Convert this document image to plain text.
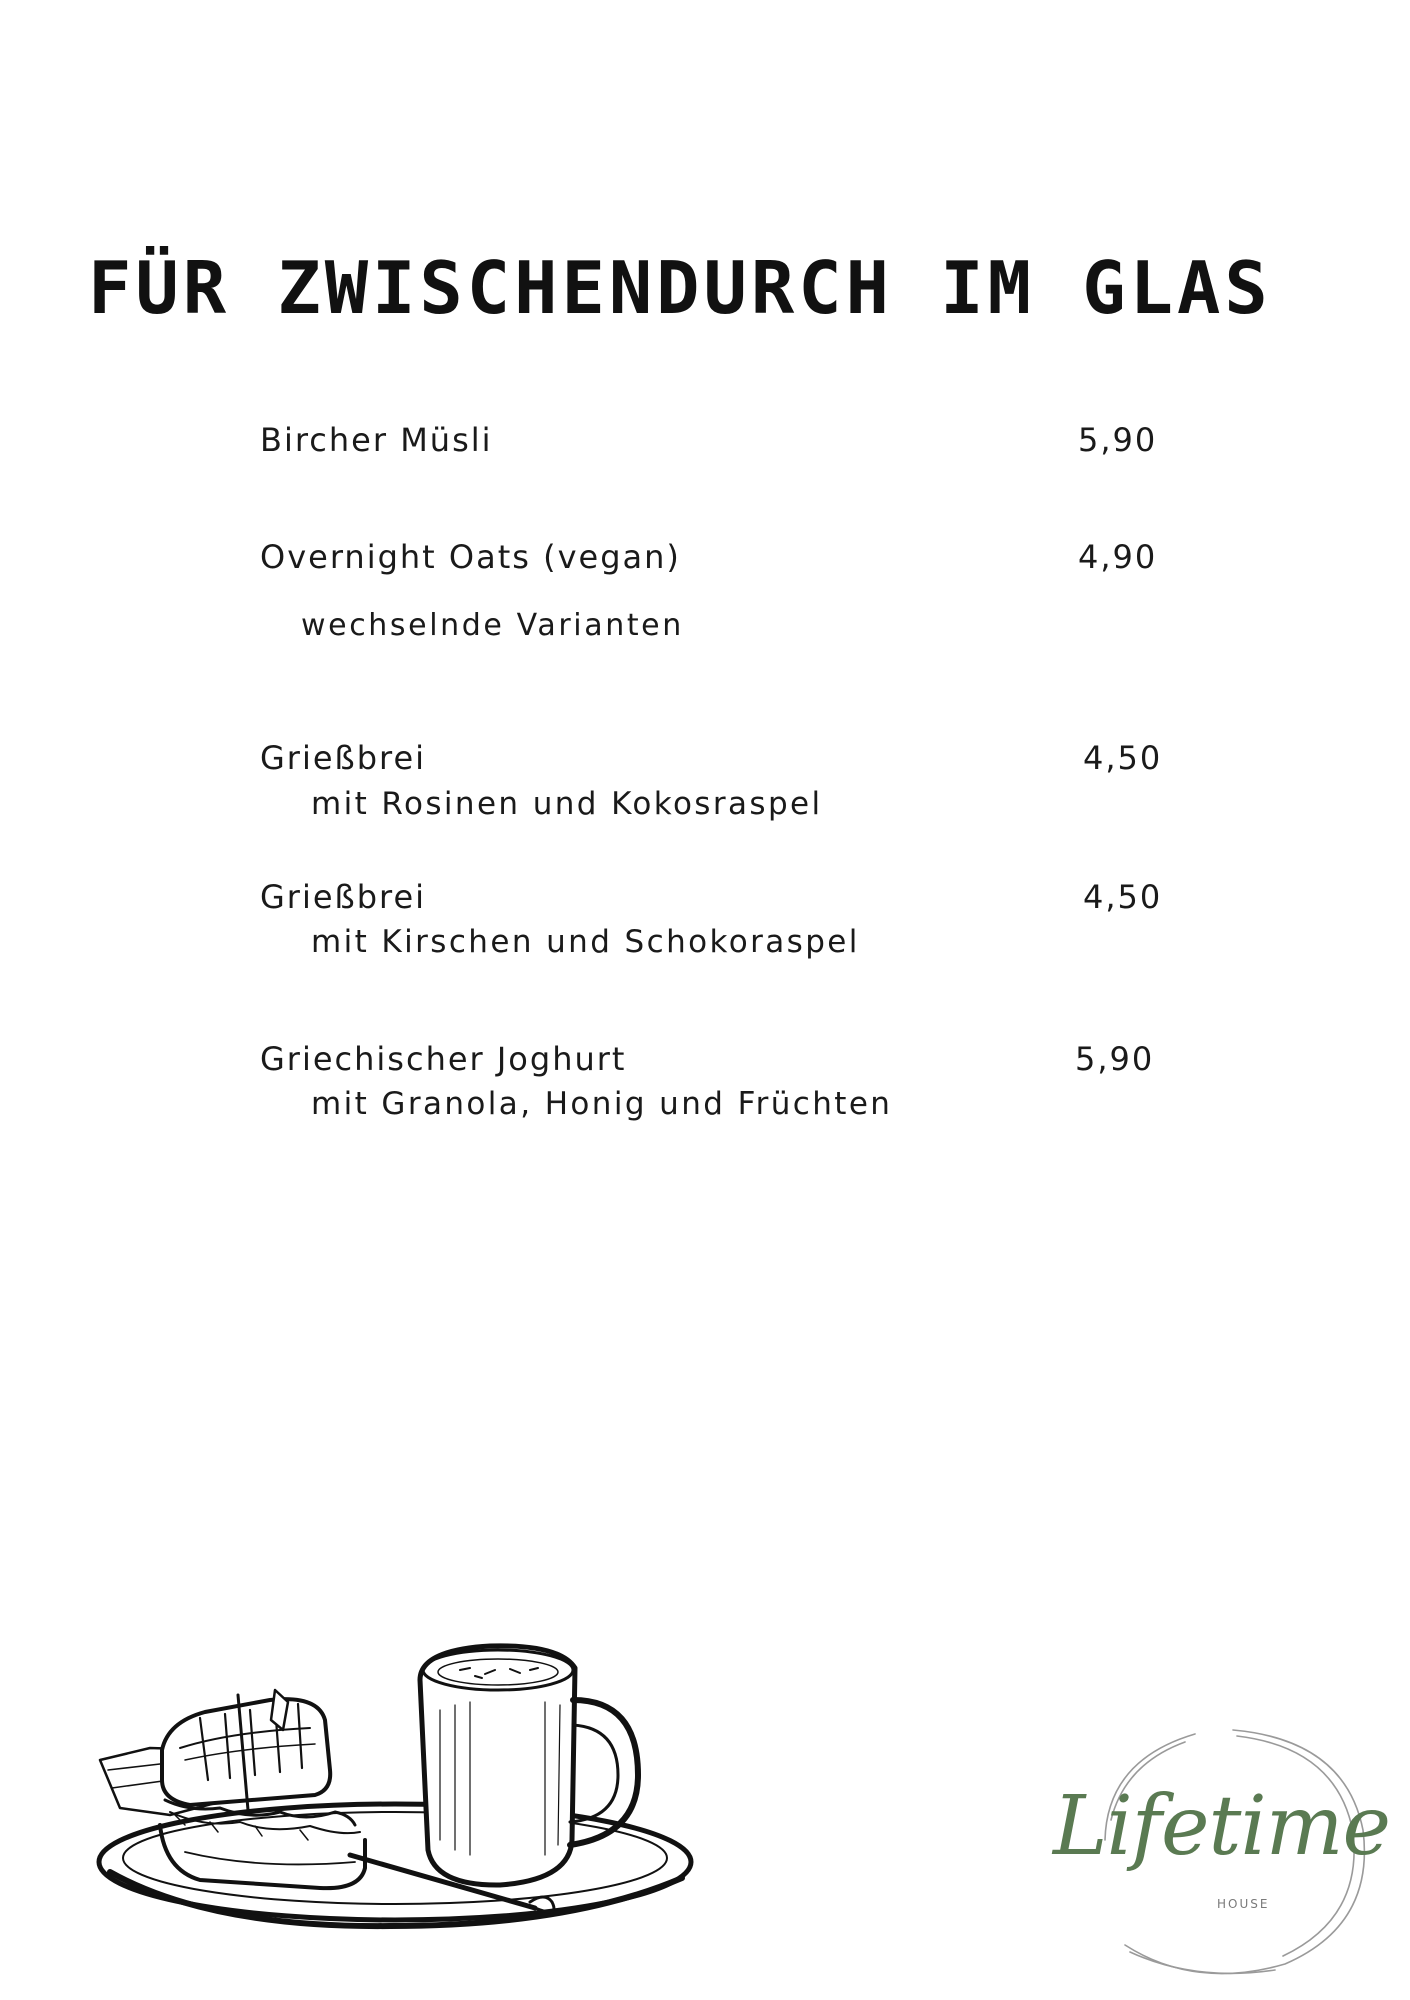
FÜR ZWISCHENDURCH IM GLAS
Bircher Müsli	5,90
Overnight Oats (vegan)	4,90
wechselnde Varianten
Grießbrei	4,50
mit Rosinen und Kokosraspel
Grießbrei	4,50
mit Kirschen und Schokoraspel
Griechischer Joghurt	5,90
mit Granola, Honig und Früchten
Lifetime
HOUSE
